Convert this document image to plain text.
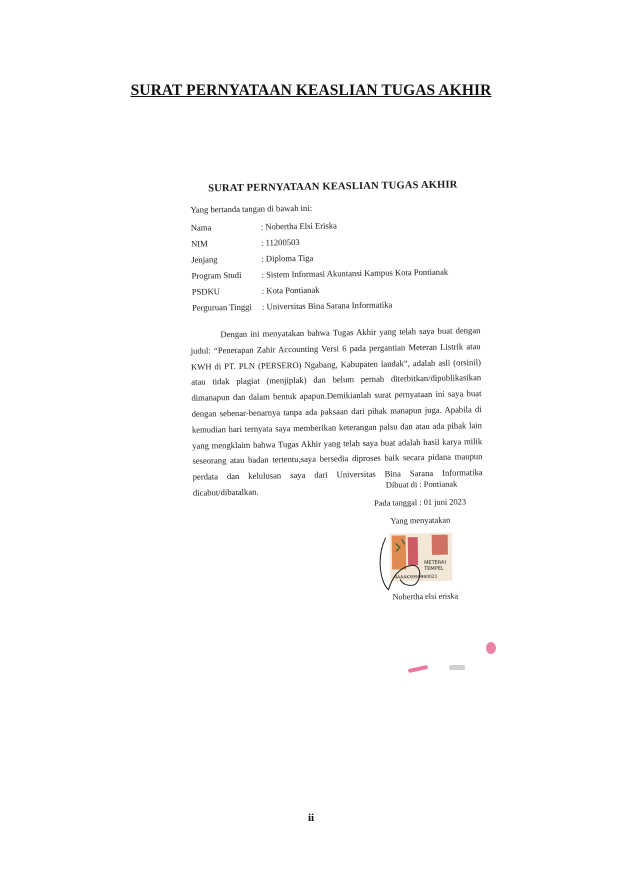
SURAT PERNYATAAN KEASLIAN TUGAS AKHIR
SURAT PERNYATAAN KEASLIAN TUGAS AKHIR
Yang bertanda tangan di bawah ini:
Nama	: Nobertha Elsi Eriska
NIM	: 11200503
Jenjang	: Diploma Tiga
Program Studi : Sistem Informasi Akuntansi Kampus Kota Pontianak
PSDKU	: Kota Pontianak
Perguruan Tinggi : Universitas Bina Sarana Informatika

Dengan ini menyatakan bahwa Tugas Akhir yang telah saya buat dengan judul: “Penerapan Zahir Accounting Versi 6 pada pergantian Meteran Listrik atau KWH di PT. PLN (PERSERO) Ngabang, Kabupaten landak”, adalah asli (orsinil) atau tidak plagiat (menjiplak) dan belum pernah diterbitkan/dipublikasikan dimanapun dan dalam bentuk apapun.Demikianlah surat pernyataan ini saya buat dengan sebenar-benarnya tanpa ada paksaan dari pihak manapun juga. Apabila di kemudian hari ternyata saya memberikan keterangan palsu dan atau ada pihak lain yang mengklaim bahwa Tugas Akhir yang telah saya buat adalah hasil karya milik seseorang atau badan tertentu,saya bersedia diproses baik secara pidana maupun perdata dan kelulusan saya dari Universitas Bina Sarana Informatika dicabut/dibatalkan.

Dibuat di : Pontianak
Pada tanggal : 01 juni 2023
Yang menyatakan
METERAI
TEMPEL
4AAAKX690980021
Nobertha elsi eriska
ii
